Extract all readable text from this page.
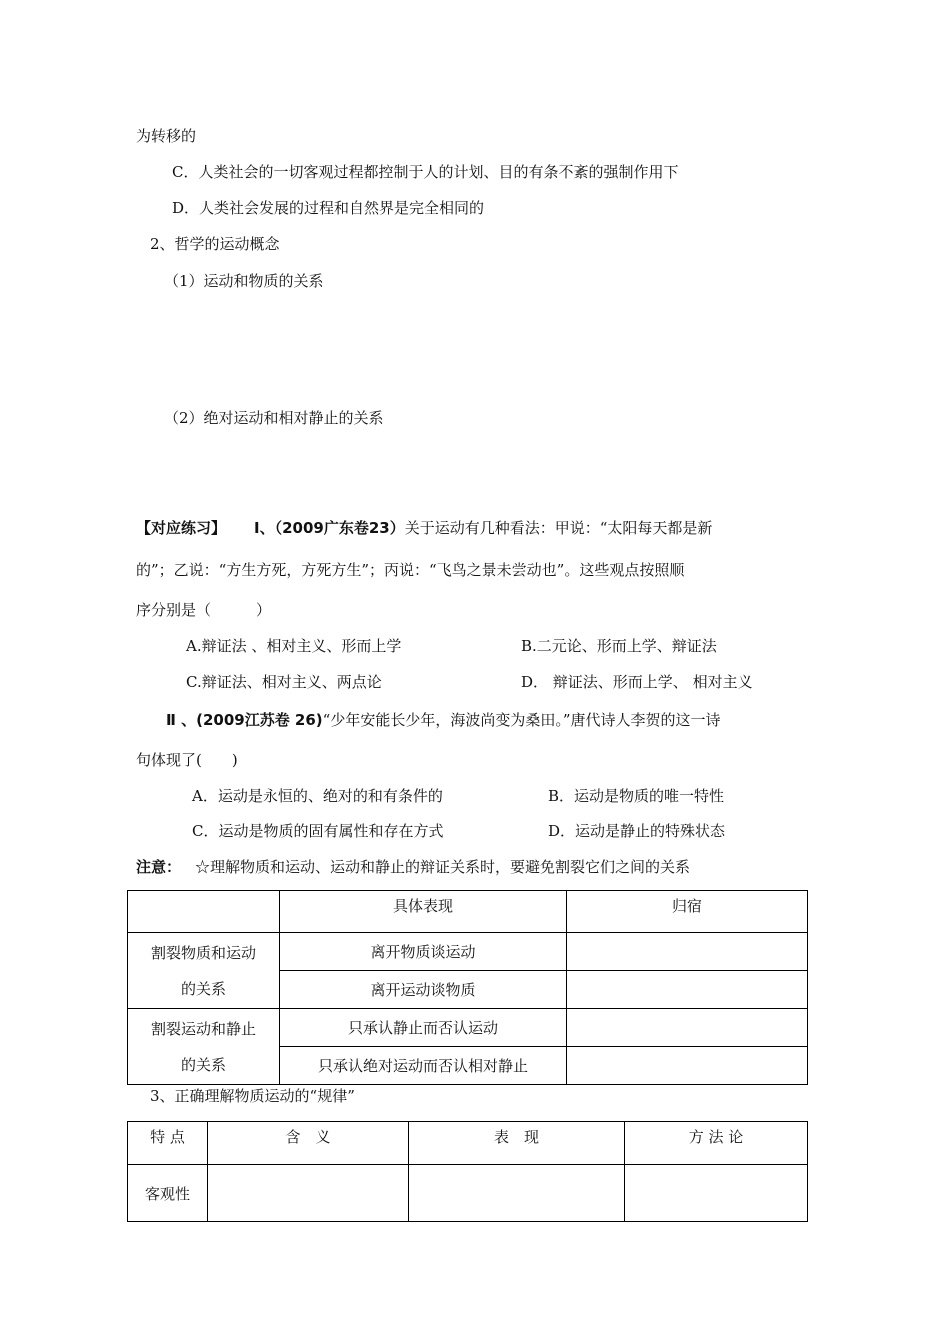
为转移的
C．人类社会的一切客观过程都控制于人的计划、目的有条不紊的强制作用下
D．人类社会发展的过程和自然界是完全相同的
2、哲学的运动概念
（1）运动和物质的关系
（2）绝对运动和相对静止的关系
【对应练习】 Ⅰ、（2009广东卷23）关于运动有几种看法：甲说：“太阳每天都是新
的”；乙说：“方生方死，方死方生”；丙说：“飞鸟之景未尝动也”。这些观点按照顺
序分别是（　　　）
A.辩证法 、相对主义、形而上学	B.二元论、形而上学、辩证法
C.辩证法、相对主义、两点论	D． 辩证法、形而上学、 相对主义
Ⅱ 、(2009江苏卷 26)“少年安能长少年，海波尚变为桑田。”唐代诗人李贺的这一诗
句体现了(　　)
A．运动是永恒的、绝对的和有条件的	B．运动是物质的唯一特性
C．运动是物质的固有属性和存在方式	D．运动是静止的特殊状态
注意： ☆理解物质和运动、运动和静止的辩证关系时，要避免割裂它们之间的关系
	具体表现	归宿

割裂物质和运动
的关系	离开物质谈运动	
	离开运动谈物质	

割裂运动和静止
的关系	只承认静止而否认运动	
	只承认绝对运动而否认相对静止	
3、正确理解物质运动的“规律”
特 点	含　义	表　现	方 法 论
客观性			
